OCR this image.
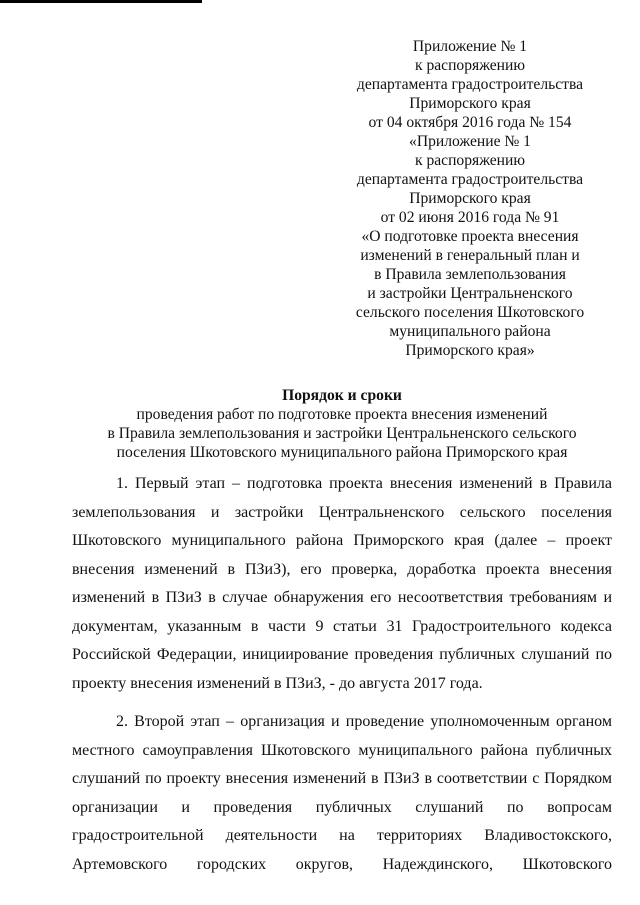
Приложение № 1
к распоряжению
департамента градостроительства
Приморского края
от 04 октября 2016 года № 154
«Приложение № 1
к распоряжению
департамента градостроительства
Приморского края
от 02 июня 2016 года № 91
«О подготовке проекта внесения
изменений в генеральный план и
в Правила землепользования
и застройки Центральненского
сельского поселения Шкотовского
муниципального района
Приморского края»
Порядок и сроки
проведения работ по подготовке проекта внесения изменений
в Правила землепользования и застройки Центральненского сельского
поселения Шкотовского муниципального района Приморского края
1. Первый этап – подготовка проекта внесения изменений в Правила
землепользования и застройки Центральненского сельского поселения
Шкотовского муниципального района Приморского края (далее – проект
внесения изменений в ПЗиЗ), его проверка, доработка проекта внесения
изменений в ПЗиЗ в случае обнаружения его несоответствия требованиям и
документам, указанным в части 9 статьи 31 Градостроительного кодекса
Российской Федерации, инициирование проведения публичных слушаний по
проекту внесения изменений в ПЗиЗ, - до августа 2017 года.
2. Второй этап – организация и проведение уполномоченным органом
местного самоуправления Шкотовского муниципального района публичных
слушаний по проекту внесения изменений в ПЗиЗ в соответствии с Порядком
организации и проведения публичных слушаний по вопросам
градостроительной деятельности на территориях Владивостокского,
Артемовского городских округов, Надеждинского, Шкотовского
